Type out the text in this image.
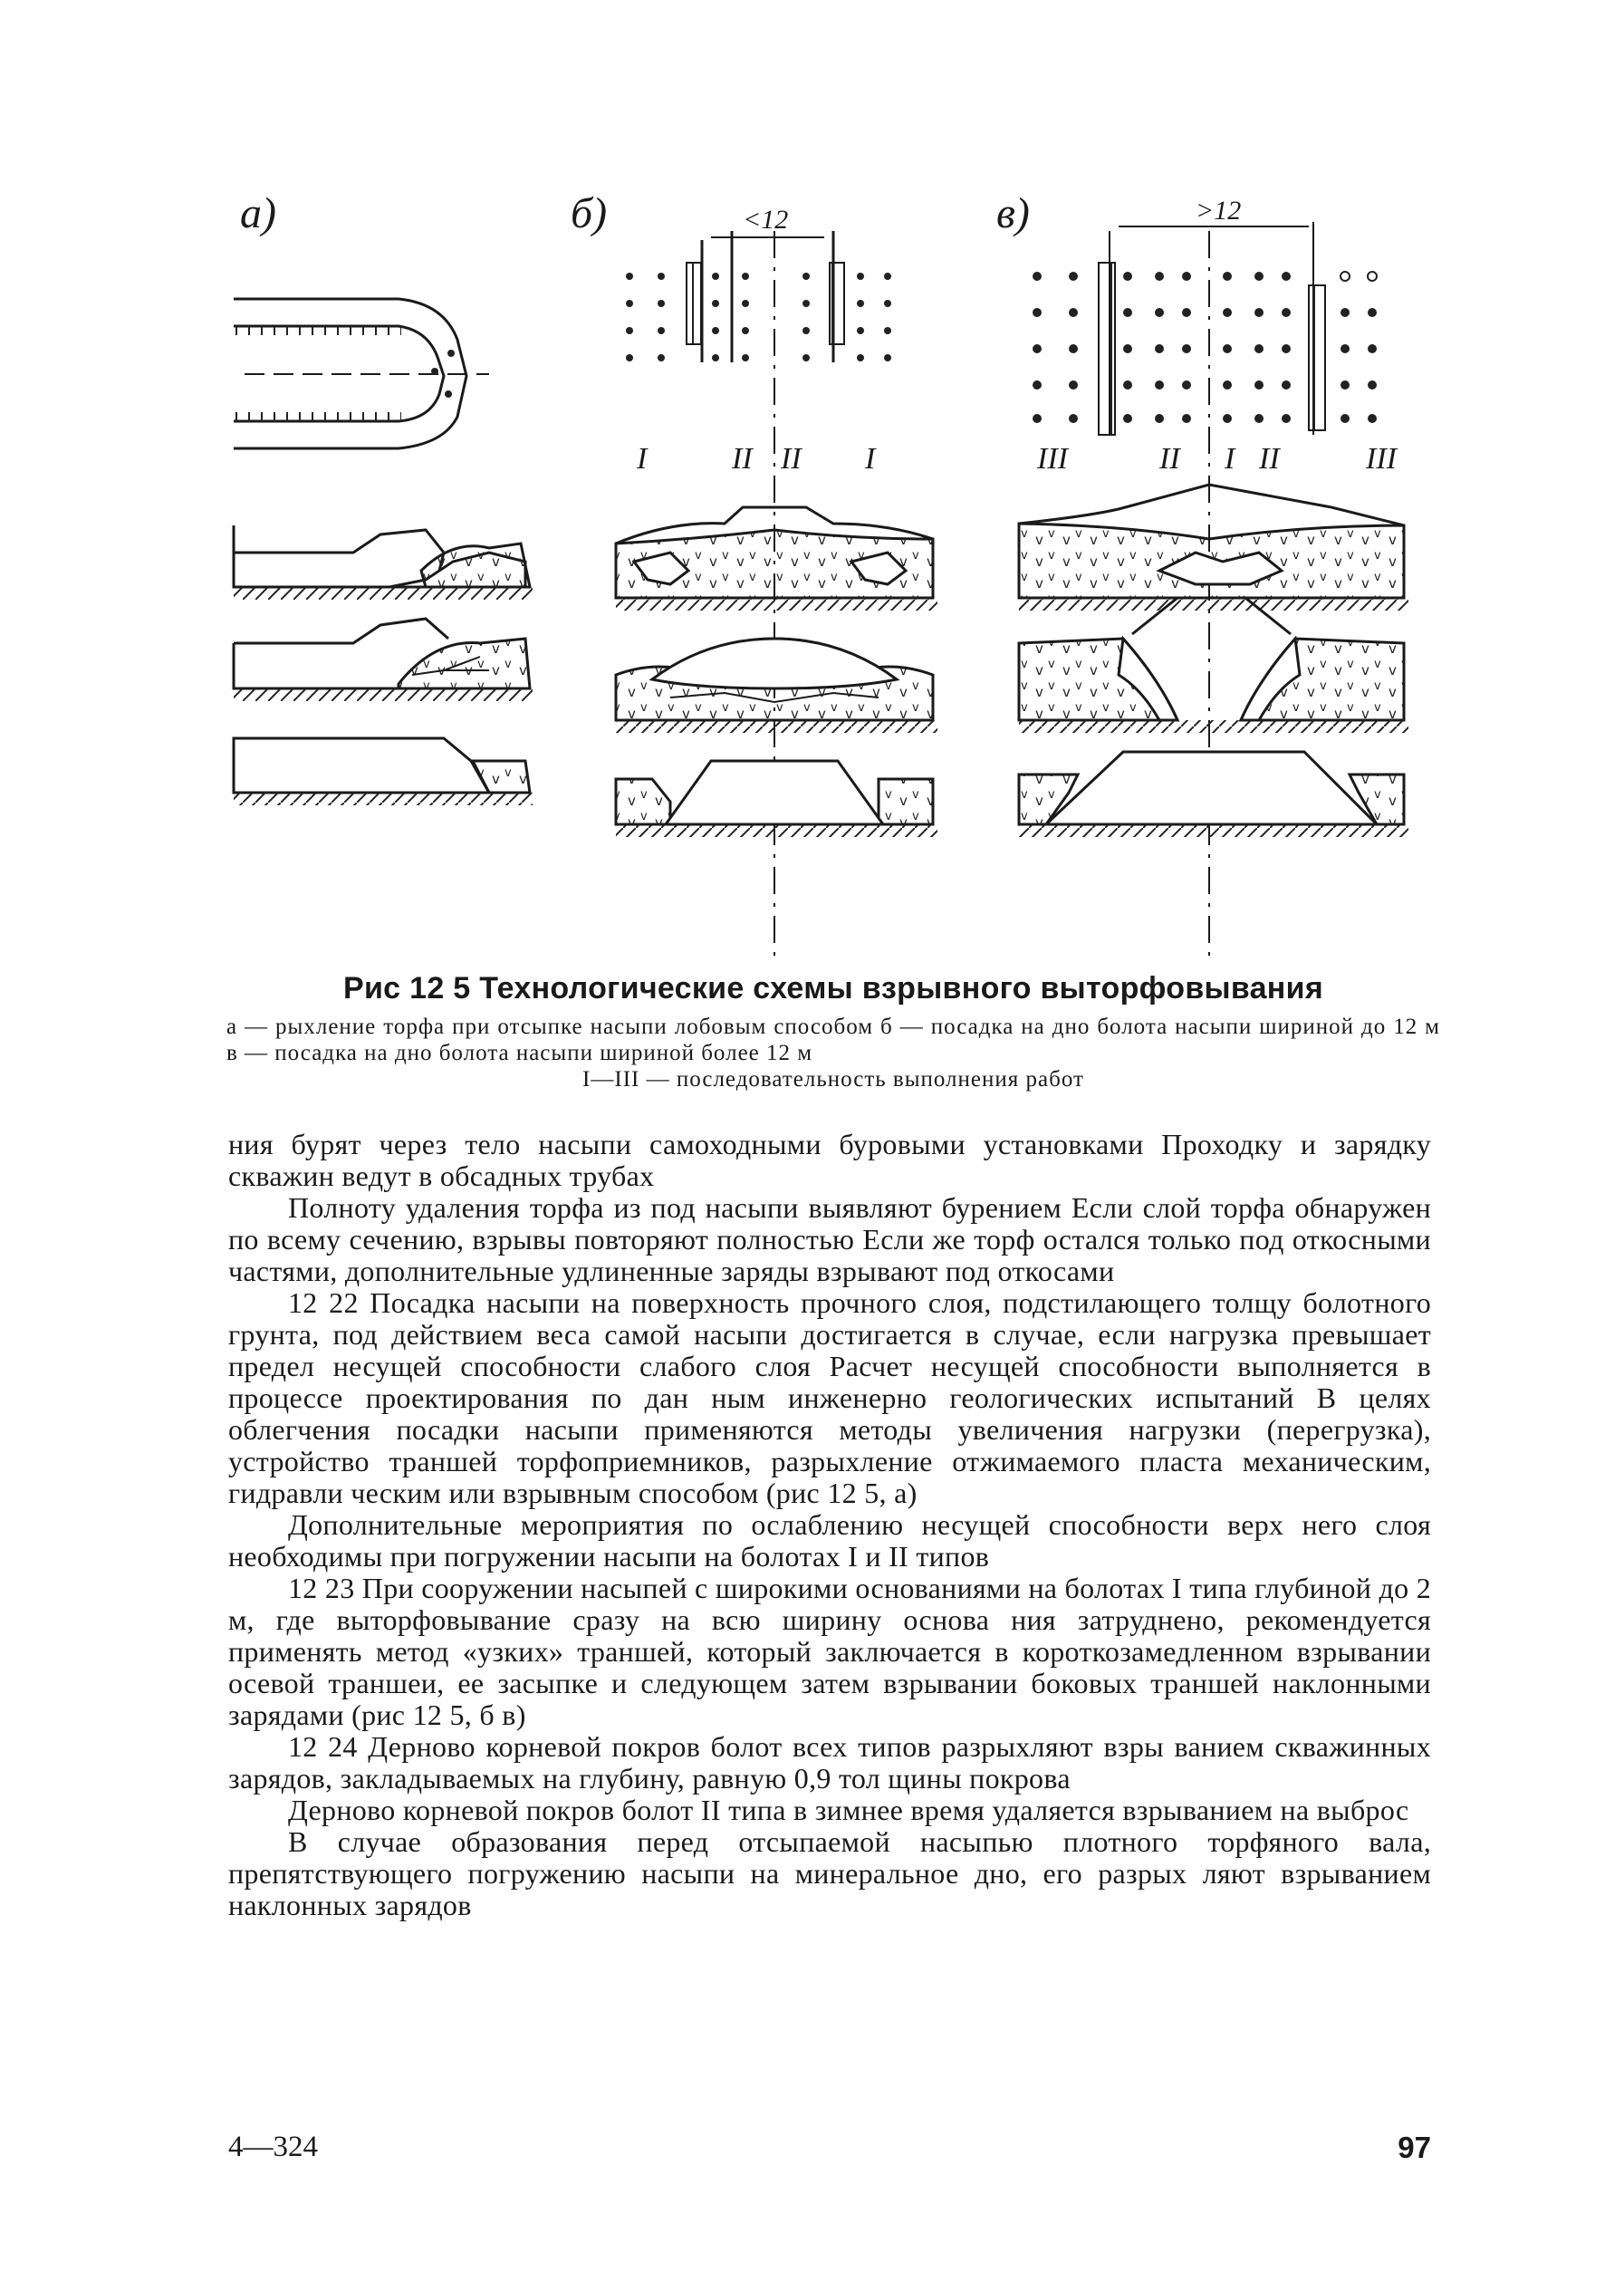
а)	б)	в)
<12	>12
I	II II I	III	II I II	III

Рис 12 5 Технологические схемы взрывного выторфовывания

а — рыхление торфа при отсыпке насыпи лобовым способом б — посадка на дно болота насыпи шириной до 12 м в — посадка на дно болота насыпи шириной более 12 м

I—III — последовательность выполнения работ

ния бурят через тело насыпи самоходными буровыми установками Проходку и зарядку скважин ведут в обсадных трубах

Полноту удаления торфа из под насыпи выявляют бурением Если слой торфа обнаружен по всему сечению, взрывы повторяют полностью Если же торф остался только под откосными частями, дополнительные удлиненные заряды взрывают под откосами

12 22 Посадка насыпи на поверхность прочного слоя, подстилающего толщу болотного грунта, под действием веса самой насыпи достигается в случае, если нагрузка превышает предел несущей способности слабого слоя Расчет несущей способности выполняется в процессе проектирования по дан ным инженерно геологических испытаний В целях облегчения посадки насыпи применяются методы увеличения нагрузки (перегрузка), устройство траншей торфоприемников, разрыхление отжимаемого пласта механическим, гидравли ческим или взрывным способом (рис 12 5, а)

Дополнительные мероприятия по ослаблению несущей способности верх него слоя необходимы при погружении насыпи на болотах I и II типов

12 23 При сооружении насыпей с широкими основаниями на болотах I типа глубиной до 2 м, где выторфовывание сразу на всю ширину основа ния затруднено, рекомендуется применять метод «узких» траншей, который заключается в короткозамедленном взрывании осевой траншеи, ее засыпке и следующем затем взрывании боковых траншей наклонными зарядами (рис 12 5, б в)

12 24 Дерново корневой покров болот всех типов разрыхляют взры ванием скважинных зарядов, закладываемых на глубину, равную 0,9 тол щины покрова

Дерново корневой покров болот II типа в зимнее время удаляется взрыванием на выброс

В случае образования перед отсыпаемой насыпью плотного торфяного вала, препятствующего погружению насыпи на минеральное дно, его разрых ляют взрыванием наклонных зарядов

4—324	97
